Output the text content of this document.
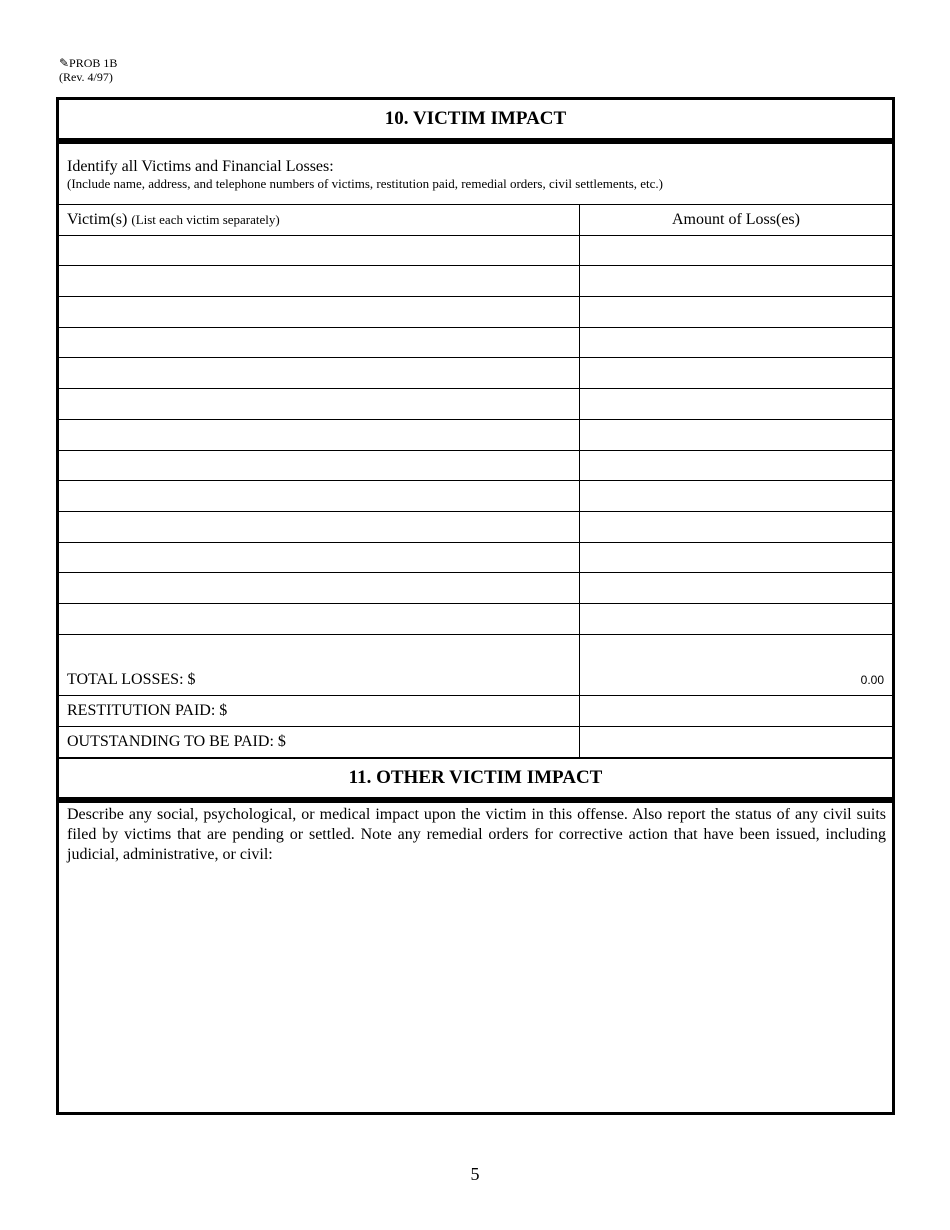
✎PROB 1B
(Rev. 4/97)
10. VICTIM IMPACT
Identify all Victims and Financial Losses:
(Include name, address, and telephone numbers of victims, restitution paid, remedial orders, civil settlements, etc.)
Victim(s) (List each victim separately)	Amount of Loss(es)
TOTAL LOSSES: $	0.00
RESTITUTION PAID: $
OUTSTANDING TO BE PAID: $
11. OTHER VICTIM IMPACT
Describe any social, psychological, or medical impact upon the victim in this offense. Also report the status of any civil suits filed by victims that are pending or settled. Note any remedial orders for corrective action that have been issued, including judicial, administrative, or civil:
5
